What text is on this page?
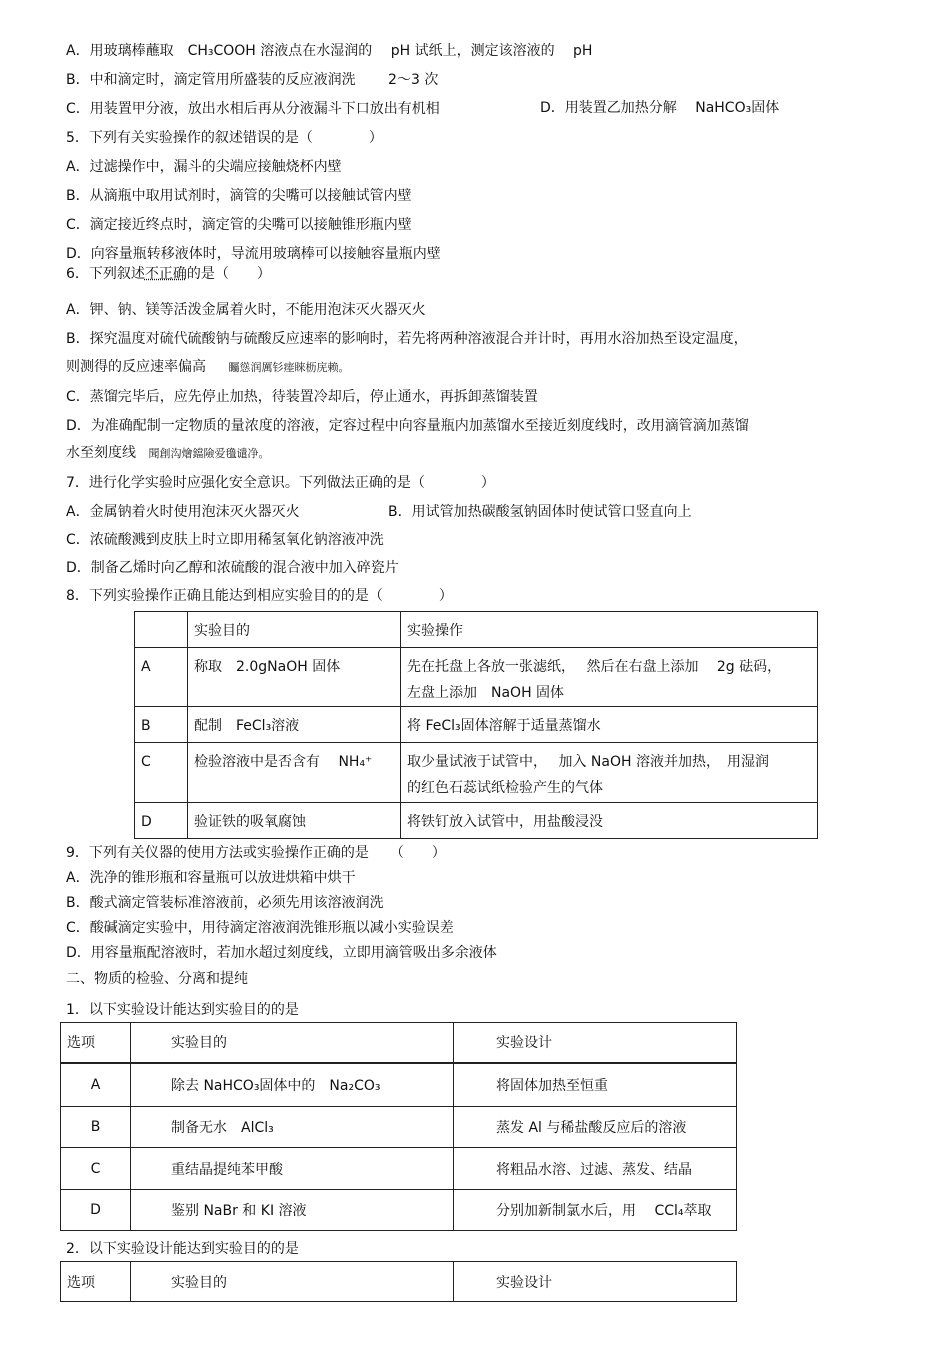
A．用玻璃棒蘸取　CH₃COOH 溶液点在水湿润的　 pH 试纸上，测定该溶液的　 pH
B．中和滴定时，滴定管用所盛装的反应液润洗　　 2～3 次
C．用装置甲分液，放出水相后再从分液漏斗下口放出有机相	D．用装置乙加热分解　 NaHCO₃固体
5．下列有关实验操作的叙述错误的是（　　　　）
A．过滤操作中，漏斗的尖端应接触烧杯内壁
B．从滴瓶中取用试剂时，滴管的尖嘴可以接触试管内壁
C．滴定接近终点时，滴定管的尖嘴可以接触锥形瓶内壁
D．向容量瓶转移液体时，导流用玻璃棒可以接触容量瓶内壁
6．下列叙述不正确的是（　　）
A．钾、钠、镁等活泼金属着火时，不能用泡沫灭火器灭火
B．探究温度对硫代硫酸钠与硫酸反应速率的影响时，若先将两种溶液混合并计时，再用水浴加热至设定温度，
则测得的反应速率偏高 矚慫润厲钐瘗睞枥庑赖。
C．蒸馏完毕后，应先停止加热，待装置冷却后，停止通水，再拆卸蒸馏装置
D．为准确配制一定物质的量浓度的溶液，定容过程中向容量瓶内加蒸馏水至接近刻度线时，改用滴管滴加蒸馏
水至刻度线 聞創沟燴鐺險爱氇谴净。
7．进行化学实验时应强化安全意识。下列做法正确的是（　　　　）
A．金属钠着火时使用泡沫灭火器灭火	B．用试管加热碳酸氢钠固体时使试管口竖直向上
C．浓硫酸溅到皮肤上时立即用稀氢氧化钠溶液冲洗
D．制备乙烯时向乙醇和浓硫酸的混合液中加入碎瓷片
8．下列实验操作正确且能达到相应实验目的的是（　　　　）
	实验目的	实验操作
A	称取　2.0gNaOH 固体	先在托盘上各放一张滤纸，　 然后在右盘上添加　 2g 砝码，
左盘上添加　NaOH 固体

B	配制　FeCl₃溶液	将 FeCl₃固体溶解于适量蒸馏水
C	检验溶液中是否含有　 NH₄⁺	取少量试液于试管中，　 加入 NaOH 溶液并加热，　用湿润
的红色石蕊试纸检验产生的气体

D	验证铁的吸氧腐蚀	将铁钉放入试管中，用盐酸浸没
9．下列有关仪器的使用方法或实验操作正确的是　　（　　）
A．洗净的锥形瓶和容量瓶可以放进烘箱中烘干
B．酸式滴定管装标准溶液前，必须先用该溶液润洗
C．酸碱滴定实验中，用待滴定溶液润洗锥形瓶以减小实验误差
D．用容量瓶配溶液时，若加水超过刻度线，立即用滴管吸出多余液体
二、物质的检验、分离和提纯
1．以下实验设计能达到实验目的的是
选项	实验目的	实验设计
A	除去 NaHCO₃固体中的　Na₂CO₃	将固体加热至恒重
B	制备无水　AlCl₃	蒸发 Al 与稀盐酸反应后的溶液
C	重结晶提纯苯甲酸	将粗品水溶、过滤、蒸发、结晶
D	鉴别 NaBr 和 KI 溶液	分别加新制氯水后，用　 CCl₄萃取
2．以下实验设计能达到实验目的的是
选项	实验目的	实验设计
